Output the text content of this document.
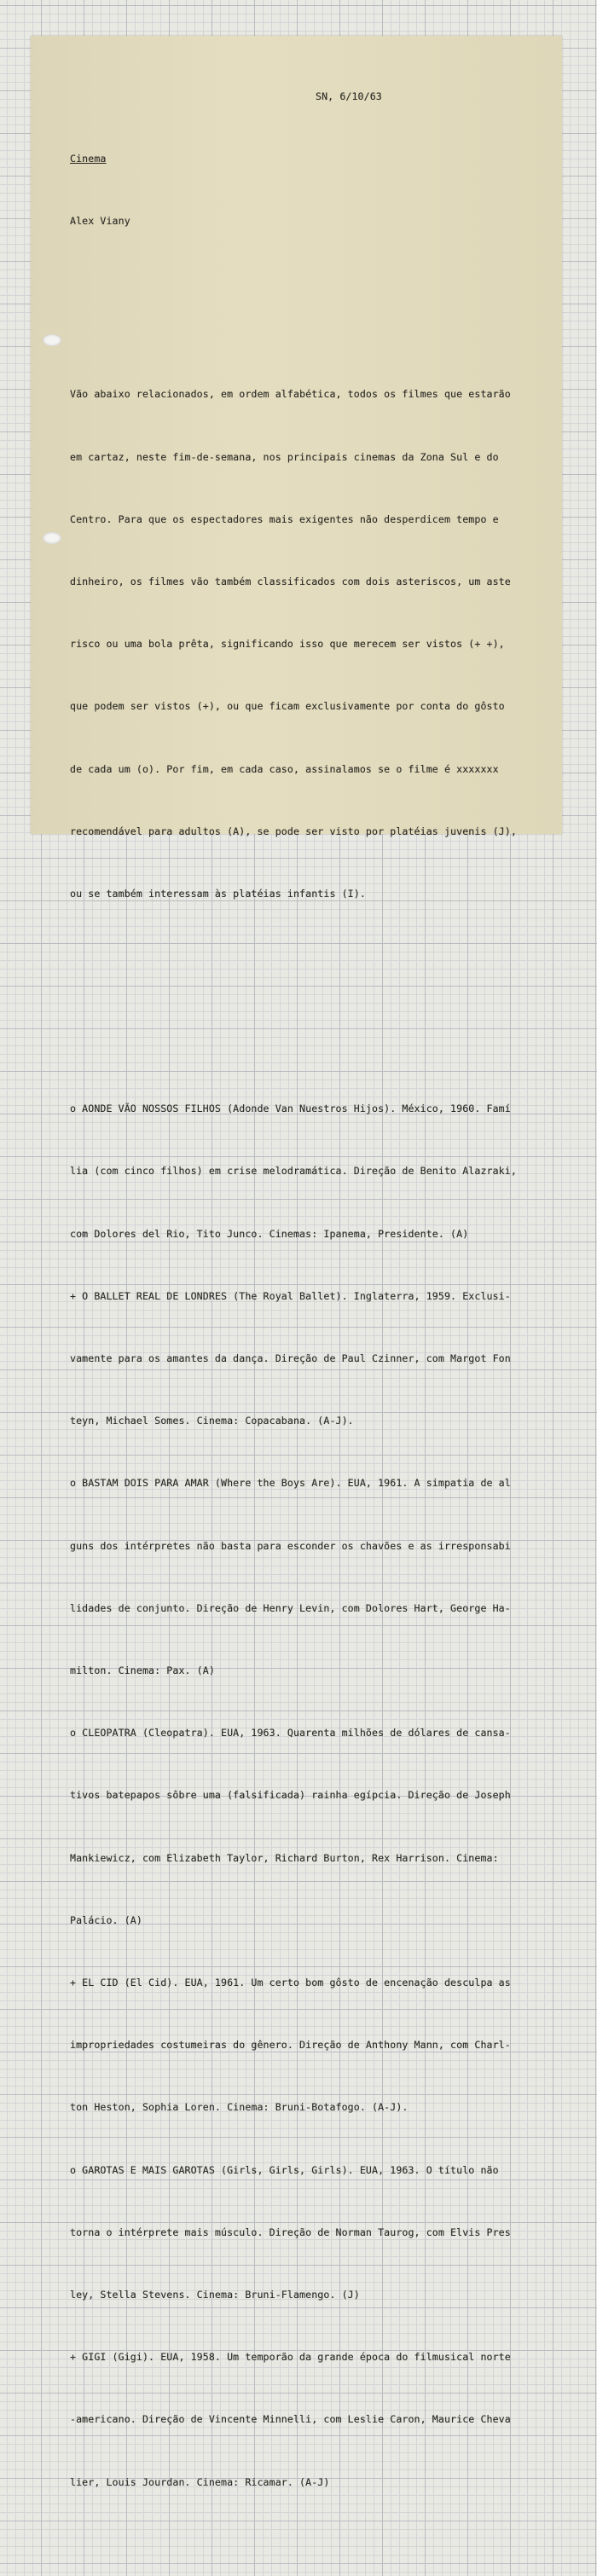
SN, 6/10/63

Cinema

Alex Viany

Vão abaixo relacionados, em ordem alfabética, todos os filmes que estarão

em cartaz, neste fim-de-semana, nos principais cinemas da Zona Sul e do

Centro. Para que os espectadores mais exigentes não desperdicem tempo e

dinheiro, os filmes vão também classificados com dois asteriscos, um aste

risco ou uma bola prêta, significando isso que merecem ser vistos (+ +),

que podem ser vistos (+), ou que ficam exclusivamente por conta do gôsto

de cada um (o). Por fim, em cada caso, assinalamos se o filme é xxxxxxx

recomendável para adultos (A), se pode ser visto por platéias juvenis (J),

ou se também interessam às platéias infantis (I).

o AONDE VÃO NOSSOS FILHOS (Adonde Van Nuestros Hijos). México, 1960. Famí

lia (com cinco filhos) em crise melodramática. Direção de Benito Alazraki,

com Dolores del Rio, Tito Junco. Cinemas: Ipanema, Presidente. (A)

+ O BALLET REAL DE LONDRES (The Royal Ballet). Inglaterra, 1959. Exclusi-

vamente para os amantes da dança. Direção de Paul Czinner, com Margot Fon

teyn, Michael Somes. Cinema: Copacabana. (A-J).

o BASTAM DOIS PARA AMAR (Where the Boys Are). EUA, 1961. A simpatia de al

guns dos intérpretes não basta para esconder os chavões e as irresponsabi

lidades de conjunto. Direção de Henry Levin, com Dolores Hart, George Ha-

milton. Cinema: Pax. (A)

o CLEOPATRA (Cleopatra). EUA, 1963. Quarenta milhões de dólares de cansa-

tivos batepapos sôbre uma (falsificada) rainha egípcia. Direção de Joseph

Mankiewicz, com Elizabeth Taylor, Richard Burton, Rex Harrison. Cinema:

Palácio. (A)

+ EL CID (El Cid). EUA, 1961. Um certo bom gôsto de encenação desculpa as

impropriedades costumeiras do gênero. Direção de Anthony Mann, com Charl-

ton Heston, Sophia Loren. Cinema: Bruni-Botafogo. (A-J).

o GAROTAS E MAIS GAROTAS (Girls, Girls, Girls). EUA, 1963. O título não

torna o intérprete mais músculo. Direção de Norman Taurog, com Elvis Pres

ley, Stella Stevens. Cinema: Bruni-Flamengo. (J)

+ GIGI (Gigi). EUA, 1958. Um temporão da grande época do filmusical norte

-americano. Direção de Vincente Minnelli, com Leslie Caron, Maurice Cheva

lier, Louis Jourdan. Cinema: Ricamar. (A-J)
